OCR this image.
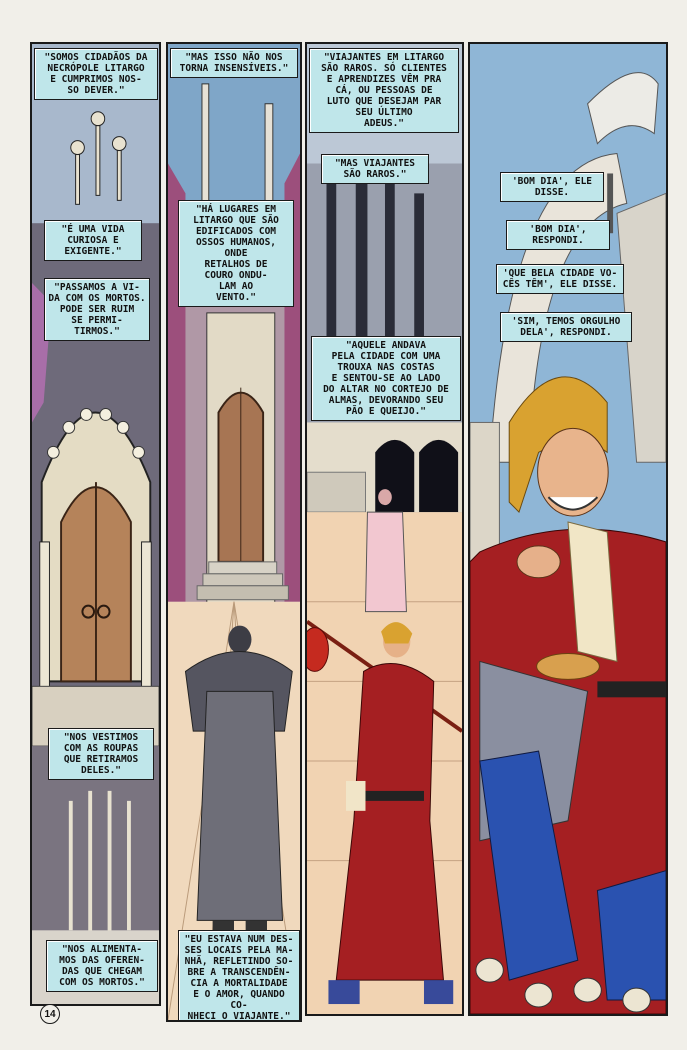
"SOMOS CIDADÃOS DA
NECRÓPOLE LITARGO
E CUMPRIMOS NOS-
SO DEVER."
"É UMA VIDA
CURIOSA E
EXIGENTE."
"PASSAMOS A VI-
DA COM OS MORTOS.
PODE SER RUIM
SE PERMI-
TIRMOS."
"NOS VESTIMOS
COM AS ROUPAS
QUE RETIRAMOS
DELES."
"NOS ALIMENTA-
MOS DAS OFEREN-
DAS QUE CHEGAM
COM OS MORTOS."
14
"MAS ISSO NÃO NOS
TORNA INSENSÍVEIS."
"HÁ LUGARES EM
LITARGO QUE SÃO
EDIFICADOS COM
OSSOS HUMANOS,
ONDE
RETALHOS DE
COURO ONDU-
LAM AO
VENTO."
"EU ESTAVA NUM DES-
SES LOCAIS PELA MA-
NHÃ, REFLETINDO SO-
BRE A TRANSCENDÊN-
CIA A MORTALIDADE
E O AMOR, QUANDO CO-
NHECI O VIAJANTE."
"VIAJANTES EM LITARGO
SÃO RAROS. SÓ CLIENTES
E APRENDIZES VÊM PRA
CÁ, OU PESSOAS DE
LUTO QUE DESEJAM PAR
SEU ÚLTIMO
ADEUS."
"MAS VIAJANTES
SÃO RAROS."
"AQUELE ANDAVA
PELA CIDADE COM UMA
TROUXA NAS COSTAS
E SENTOU-SE AO LADO
DO ALTAR NO CORTEJO DE
ALMAS, DEVORANDO SEU
PÃO E QUEIJO."
'BOM DIA', ELE DISSE.
'BOM DIA', RESPONDI.
'QUE BELA CIDADE VO-
CÊS TÊM', ELE DISSE.
'SIM, TEMOS ORGULHO
DELA', RESPONDI.
